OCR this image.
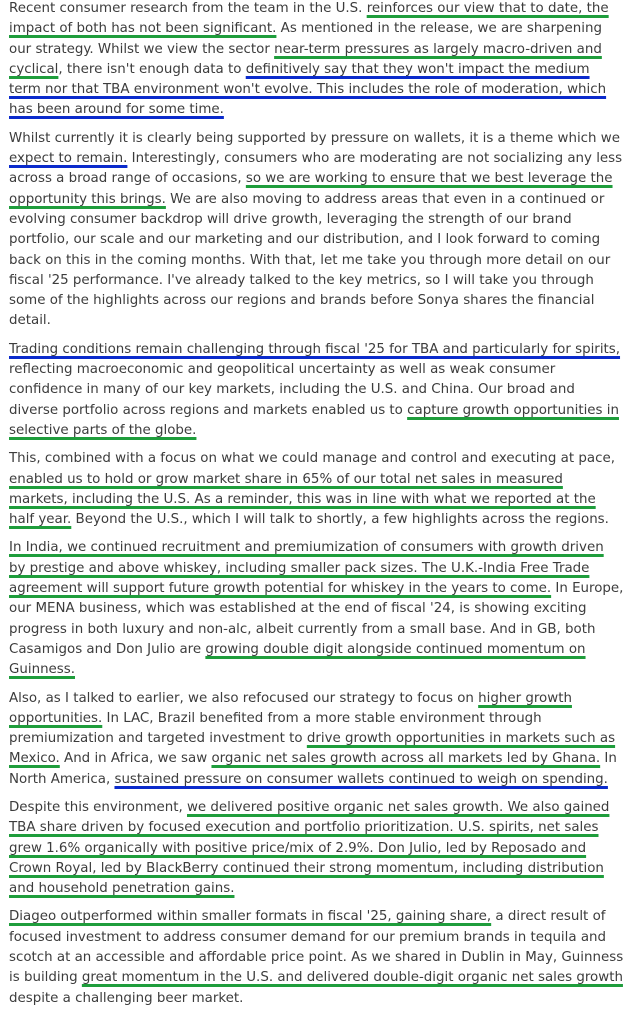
Recent consumer research from the team in the U.S. reinforces our view that to date, the impact of both has not been significant. As mentioned in the release, we are sharpening our strategy. Whilst we view the sector near-term pressures as largely macro-driven and cyclical, there isn't enough data to definitively say that they won't impact the medium term nor that TBA environment won't evolve. This includes the role of moderation, which has been around for some time.

Whilst currently it is clearly being supported by pressure on wallets, it is a theme which we expect to remain. Interestingly, consumers who are moderating are not socializing any less across a broad range of occasions, so we are working to ensure that we best leverage the opportunity this brings. We are also moving to address areas that even in a continued or evolving consumer backdrop will drive growth, leveraging the strength of our brand portfolio, our scale and our marketing and our distribution, and I look forward to coming back on this in the coming months. With that, let me take you through more detail on our fiscal '25 performance. I've already talked to the key metrics, so I will take you through some of the highlights across our regions and brands before Sonya shares the financial detail.

Trading conditions remain challenging through fiscal '25 for TBA and particularly for spirits, reflecting macroeconomic and geopolitical uncertainty as well as weak consumer confidence in many of our key markets, including the U.S. and China. Our broad and diverse portfolio across regions and markets enabled us to capture growth opportunities in selective parts of the globe.

This, combined with a focus on what we could manage and control and executing at pace, enabled us to hold or grow market share in 65% of our total net sales in measured markets, including the U.S. As a reminder, this was in line with what we reported at the half year. Beyond the U.S., which I will talk to shortly, a few highlights across the regions.

In India, we continued recruitment and premiumization of consumers with growth driven by prestige and above whiskey, including smaller pack sizes. The U.K.-India Free Trade agreement will support future growth potential for whiskey in the years to come. In Europe, our MENA business, which was established at the end of fiscal '24, is showing exciting progress in both luxury and non-alc, albeit currently from a small base. And in GB, both Casamigos and Don Julio are growing double digit alongside continued momentum on Guinness.

Also, as I talked to earlier, we also refocused our strategy to focus on higher growth opportunities. In LAC, Brazil benefited from a more stable environment through premiumization and targeted investment to drive growth opportunities in markets such as Mexico. And in Africa, we saw organic net sales growth across all markets led by Ghana. In North America, sustained pressure on consumer wallets continued to weigh on spending.

Despite this environment, we delivered positive organic net sales growth. We also gained TBA share driven by focused execution and portfolio prioritization. U.S. spirits, net sales grew 1.6% organically with positive price/mix of 2.9%. Don Julio, led by Reposado and Crown Royal, led by BlackBerry continued their strong momentum, including distribution and household penetration gains.

Diageo outperformed within smaller formats in fiscal '25, gaining share, a direct result of focused investment to address consumer demand for our premium brands in tequila and scotch at an accessible and affordable price point. As we shared in Dublin in May, Guinness is building great momentum in the U.S. and delivered double-digit organic net sales growth despite a challenging beer market.
